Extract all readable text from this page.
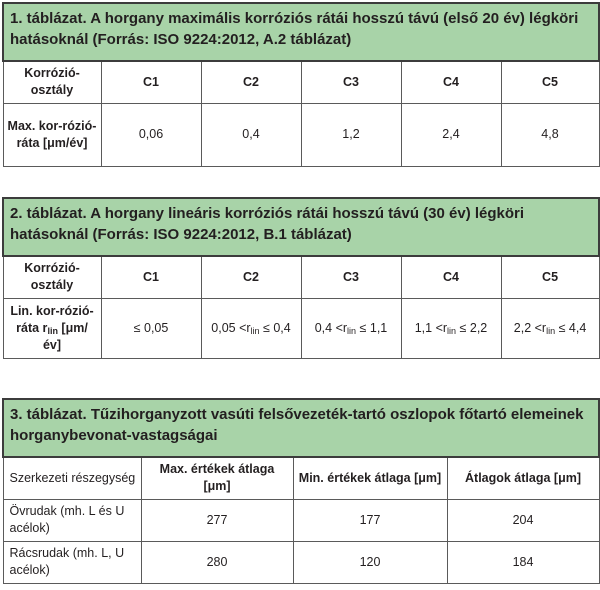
1. táblázat. A horgany maximális korróziós rátái hosszú távú (első 20 év) légköri hatásoknál (Forrás: ISO 9224:2012, A.2 táblázat)					
Korrózió-osztály	C1	C2	C3	C4	C5
Max. kor-rózió-ráta [μm/év]	0,06	0,4	1,2	2,4	4,8
2. táblázat. A horgany lineáris korróziós rátái hosszú távú (30 év) légköri hatásoknál (Forrás: ISO 9224:2012, B.1 táblázat)					
Korrózió-osztály	C1	C2	C3	C4	C5
Lin. kor-rózió-ráta $r_{lin}$ [μm/év]	≤ 0,05	$0,05 <r_{lin} \le 0,4$	$0,4 <r_{lin} \le 1,1$	$1,1 <r_{lin} \le 2,2$	$2,2 <r_{lin} \le 4,4$
3. táblázat. Tűzihorganyzott vasúti felsővezeték-tartó oszlopok főtartó elemeinek horganybevonat-vastagságai			
Szerkezeti részegység	Max. értékek átlaga [μm]	Min. értékek átlaga [μm]	Átlagok átlaga [μm]
Övrudak (mh. L és U acélok)	277	177	204
Rácsrudak (mh. L, U acélok)	280	120	184
